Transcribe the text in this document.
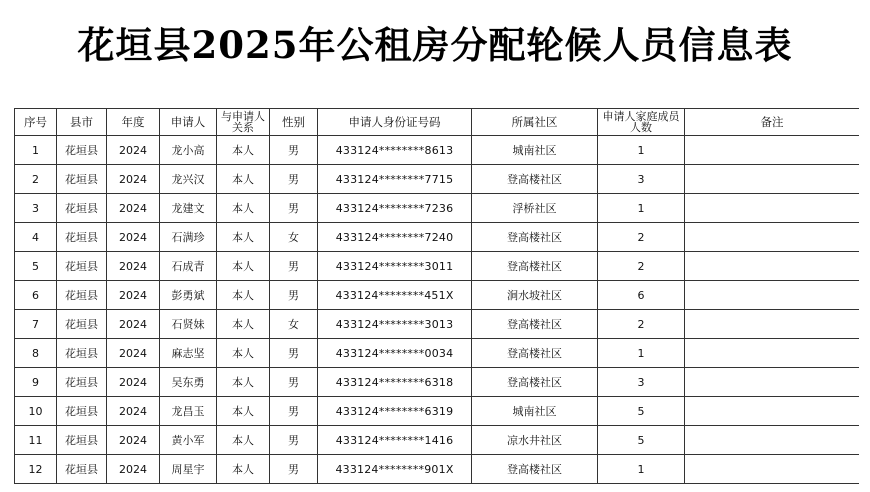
花垣县2025年公租房分配轮候人员信息表
序号	县市	年度	申请人	与申请人关系	性别	申请人身份证号码	所属社区	申请人家庭成员人数	备注
1	花垣县	2024	龙小高	本人	男	433124********8613	城南社区	1	
2	花垣县	2024	龙兴汉	本人	男	433124********7715	登高楼社区	3	
3	花垣县	2024	龙建文	本人	男	433124********7236	浮桥社区	1	
4	花垣县	2024	石满珍	本人	女	433124********7240	登高楼社区	2	
5	花垣县	2024	石成青	本人	男	433124********3011	登高楼社区	2	
6	花垣县	2024	彭勇斌	本人	男	433124********451X	涧水坡社区	6	
7	花垣县	2024	石贤妹	本人	女	433124********3013	登高楼社区	2	
8	花垣县	2024	麻志坚	本人	男	433124********0034	登高楼社区	1	
9	花垣县	2024	吴东勇	本人	男	433124********6318	登高楼社区	3	
10	花垣县	2024	龙昌玉	本人	男	433124********6319	城南社区	5	
11	花垣县	2024	黄小军	本人	男	433124********1416	凉水井社区	5	
12	花垣县	2024	周星宇	本人	男	433124********901X	登高楼社区	1	
